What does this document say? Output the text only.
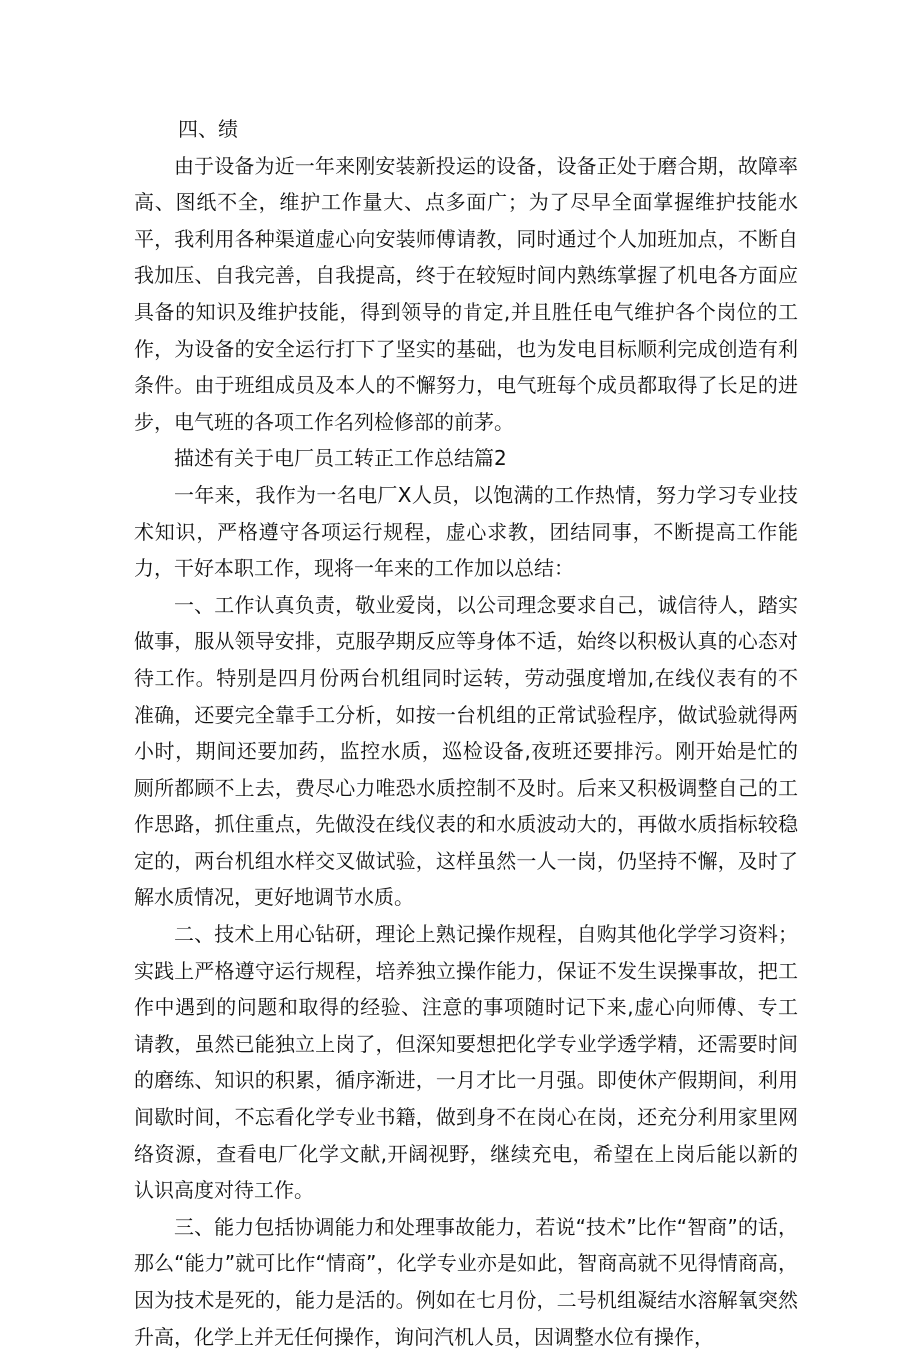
四、绩

由于设备为近一年来刚安装新投运的设备，设备正处于磨合期，故障率高、图纸不全，维护工作量大、点多面广；为了尽早全面掌握维护技能水平，我利用各种渠道虚心向安装师傅请教，同时通过个人加班加点，不断自我加压、自我完善，自我提高，终于在较短时间内熟练掌握了机电各方面应具备的知识及维护技能，得到领导的肯定,并且胜任电气维护各个岗位的工作，为设备的安全运行打下了坚实的基础，也为发电目标顺利完成创造有利条件。由于班组成员及本人的不懈努力，电气班每个成员都取得了长足的进步，电气班的各项工作名列检修部的前茅。

描述有关于电厂员工转正工作总结篇2

一年来，我作为一名电厂X人员，以饱满的工作热情，努力学习专业技术知识，严格遵守各项运行规程，虚心求教，团结同事，不断提高工作能力，干好本职工作，现将一年来的工作加以总结：

一、工作认真负责，敬业爱岗，以公司理念要求自己，诚信待人，踏实做事，服从领导安排，克服孕期反应等身体不适，始终以积极认真的心态对待工作。特别是四月份两台机组同时运转，劳动强度增加,在线仪表有的不准确，还要完全靠手工分析，如按一台机组的正常试验程序，做试验就得两小时，期间还要加药，监控水质，巡检设备,夜班还要排污。刚开始是忙的厕所都顾不上去，费尽心力唯恐水质控制不及时。后来又积极调整自己的工作思路，抓住重点，先做没在线仪表的和水质波动大的，再做水质指标较稳定的，两台机组水样交叉做试验，这样虽然一人一岗，仍坚持不懈，及时了解水质情况，更好地调节水质。

二、技术上用心钻研，理论上熟记操作规程，自购其他化学学习资料；实践上严格遵守运行规程，培养独立操作能力，保证不发生误操事故，把工作中遇到的问题和取得的经验、注意的事项随时记下来,虚心向师傅、专工请教，虽然已能独立上岗了，但深知要想把化学专业学透学精，还需要时间的磨练、知识的积累，循序渐进，一月才比一月强。即使休产假期间，利用间歇时间，不忘看化学专业书籍，做到身不在岗心在岗，还充分利用家里网络资源，查看电厂化学文献,开阔视野，继续充电，希望在上岗后能以新的认识高度对待工作。

三、能力包括协调能力和处理事故能力，若说“技术”比作“智商”的话，那么“能力”就可比作“情商”，化学专业亦是如此，智商高就不见得情商高，因为技术是死的，能力是活的。例如在七月份，二号机组凝结水溶解氧突然升高，化学上并无任何操作，询问汽机人员，因调整水位有操作，
